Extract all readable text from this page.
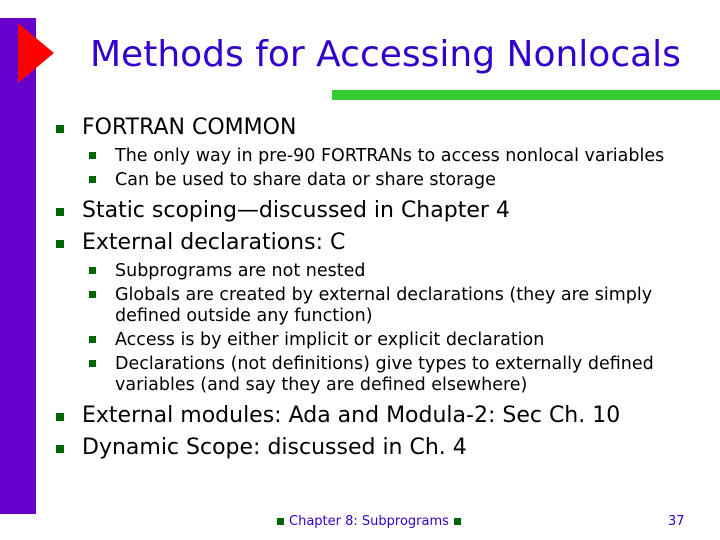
Methods for Accessing Nonlocals
FORTRAN COMMON
The only way in pre-90 FORTRANs to access nonlocal variables
Can be used to share data or share storage
Static scoping—discussed in Chapter 4
External declarations: C
Subprograms are not nested
Globals are created by external declarations (they are simply defined outside any function)
Access is by either implicit or explicit declaration
Declarations (not definitions) give types to externally defined variables (and say they are defined elsewhere)
External modules: Ada and Modula-2: Sec Ch. 10
Dynamic Scope: discussed in Ch. 4
Chapter 8: Subprograms	37
